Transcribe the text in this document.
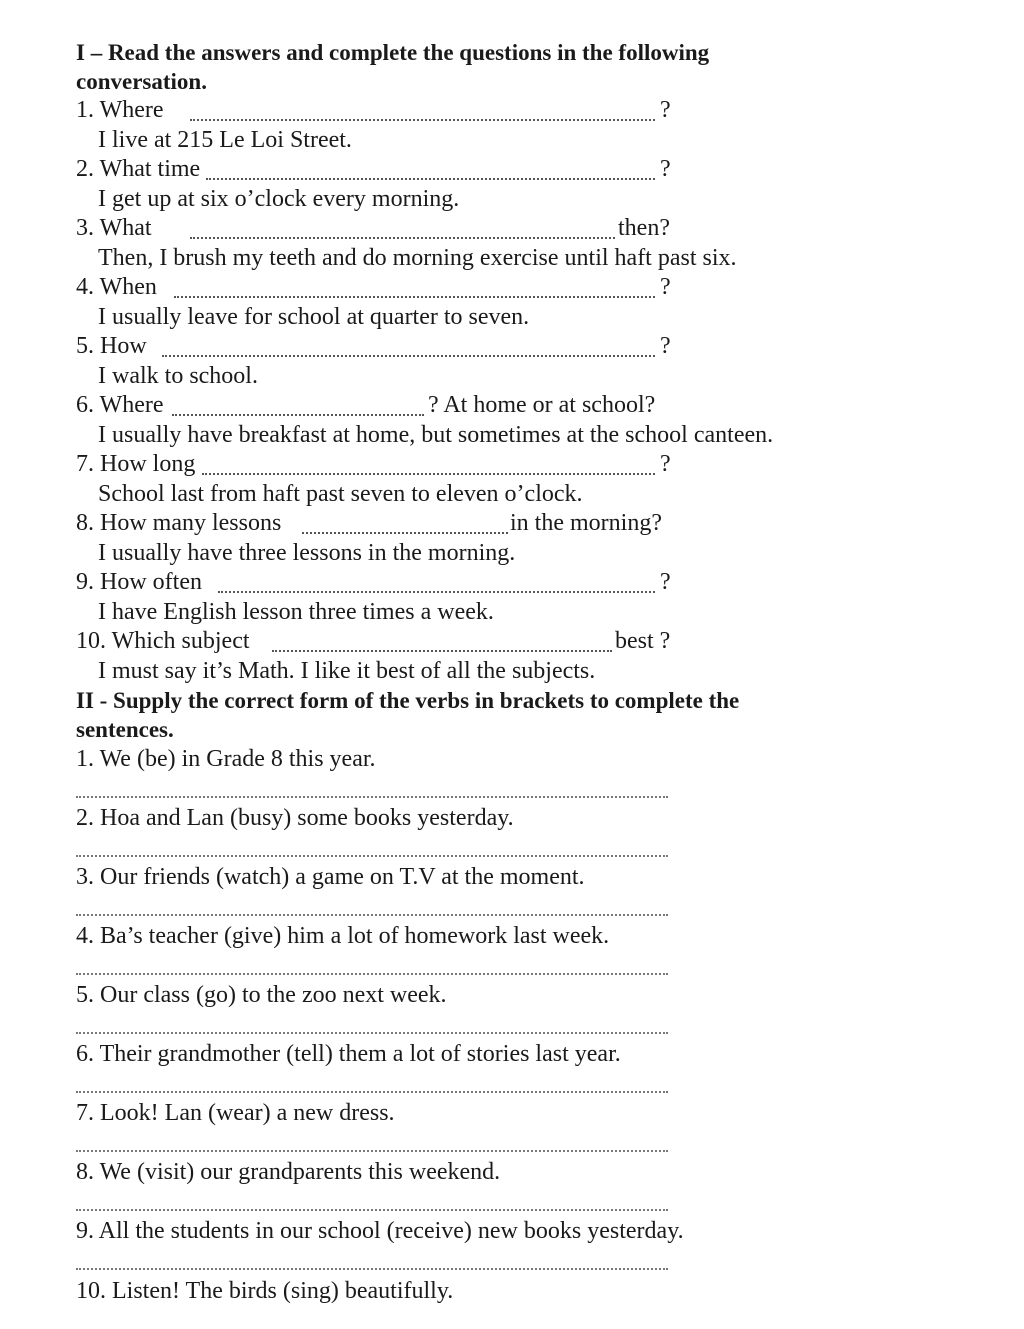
I – Read the answers and complete the questions in the following
conversation.
1. Where	?
I live at 215 Le Loi Street.
2. What time	?
I get up at six o’clock every morning.
3. What	then?
Then, I brush my teeth and do morning exercise until haft past six.
4. When	?
I usually leave for school at quarter to seven.
5. How	?
I walk to school.
6. Where	? At home or at school?
I usually have breakfast at home, but sometimes at the school canteen.
7. How long	?
School last from haft past seven to eleven o’clock.
8. How many lessons	in the morning?
I usually have three lessons in the morning.
9. How often	?
I have English lesson three times a week.
10. Which subject	best ?
I must say it’s Math. I like it best of all the subjects.
II - Supply the correct form of the verbs in brackets to complete the
sentences.
1. We (be) in Grade 8 this year.
2. Hoa and Lan (busy) some books yesterday.
3. Our friends (watch) a game on T.V at the moment.
4. Ba’s teacher (give) him a lot of homework last week.
5. Our class (go) to the zoo next week.
6. Their grandmother (tell) them a lot of stories last year.
7. Look! Lan (wear) a new dress.
8. We (visit) our grandparents this weekend.
9. All the students in our school (receive) new books yesterday.
10. Listen! The birds (sing) beautifully.
